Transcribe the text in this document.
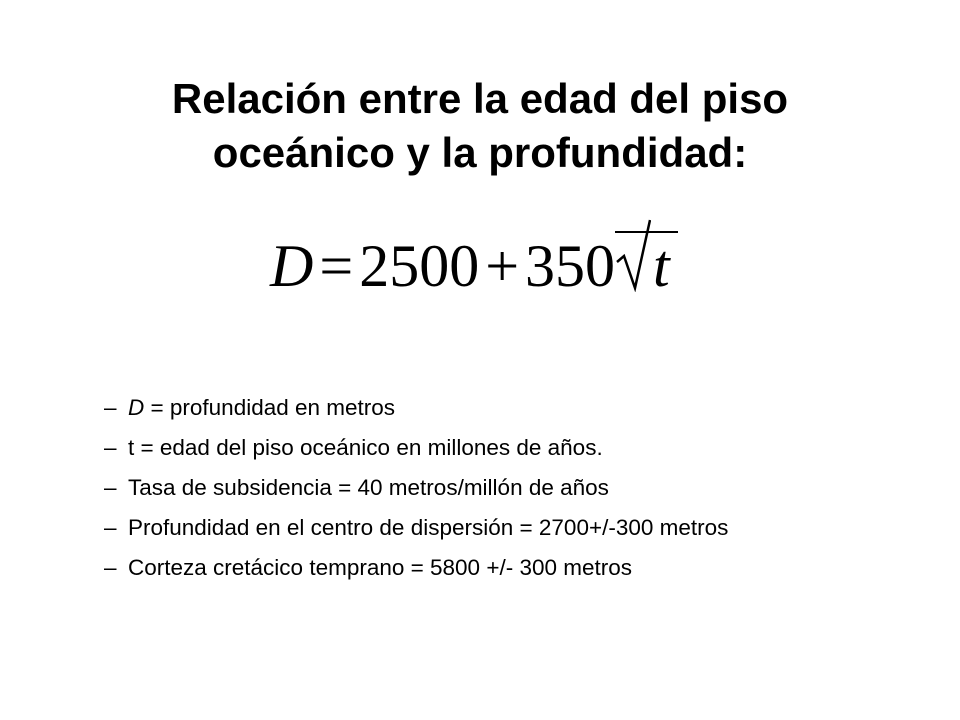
Relación entre la edad del piso
oceánico y la profundidad:
D = 2500 + 350 t
– D = profundidad en metros
– t = edad del piso oceánico en millones de años.
– Tasa de subsidencia = 40 metros/millón de años
– Profundidad en el centro de dispersión = 2700+/-300 metros
– Corteza cretácico temprano = 5800 +/- 300 metros
